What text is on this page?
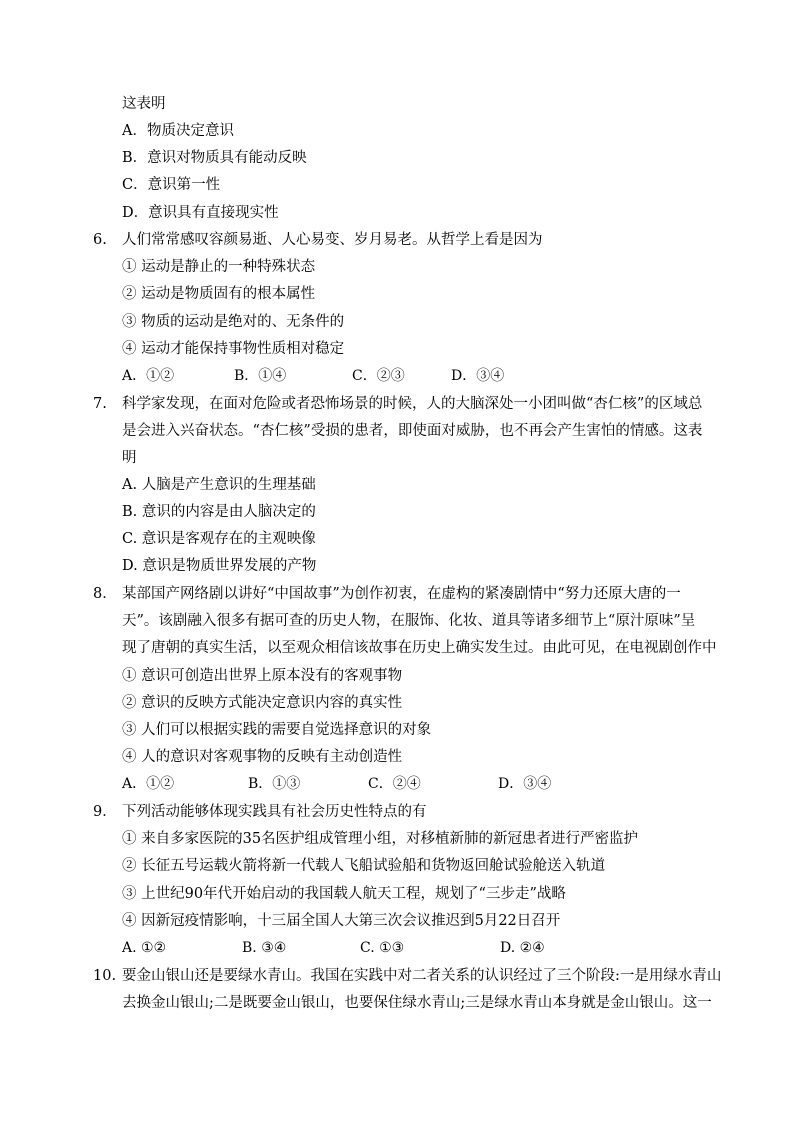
这表明
A．物质决定意识
B．意识对物质具有能动反映
C．意识第一性
D．意识具有直接现实性
6. 人们常常感叹容颜易逝、人心易变、岁月易老。从哲学上看是因为
① 运动是静止的一种特殊状态
② 运动是物质固有的根本属性
③ 物质的运动是绝对的、无条件的
④ 运动才能保持事物性质相对稳定
A．①②	B．①④	C．②③	D．③④
7. 科学家发现，在面对危险或者恐怖场景的时候，人的大脑深处一小团叫做“杏仁核”的区域总
是会进入兴奋状态。“杏仁核”受损的患者，即使面对威胁，也不再会产生害怕的情感。这表
明
A. 人脑是产生意识的生理基础
B. 意识的内容是由人脑决定的
C. 意识是客观存在的主观映像
D. 意识是物质世界发展的产物
8． 某部国产网络剧以讲好“中国故事”为创作初衷，在虚构的紧凑剧情中“努力还原大唐的一
天”。该剧融入很多有据可查的历史人物，在服饰、化妆、道具等诸多细节上“原汁原味”呈
现了唐朝的真实生活，以至观众相信该故事在历史上确实发生过。由此可见，在电视剧创作中
① 意识可创造出世界上原本没有的客观事物
② 意识的反映方式能决定意识内容的真实性
③ 人们可以根据实践的需要自觉选择意识的对象
④ 人的意识对客观事物的反映有主动创造性
A．①②	B．①③	C．②④	D．③④
9． 下列活动能够体现实践具有社会历史性特点的有
① 来自多家医院的35名医护组成管理小组，对移植新肺的新冠患者进行严密监护
② 长征五号运载火箭将新一代载人飞船试验船和货物返回舱试验舱送入轨道
③ 上世纪90年代开始启动的我国载人航天工程，规划了“三步走”战略
④ 因新冠疫情影响，十三届全国人大第三次会议推迟到5月22日召开
A. ①②	B. ③④	C. ①③	D. ②④
10. 要金山银山还是要绿水青山。我国在实践中对二者关系的认识经过了三个阶段:一是用绿水青山
去换金山银山;二是既要金山银山，也要保住绿水青山;三是绿水青山本身就是金山银山。这一
